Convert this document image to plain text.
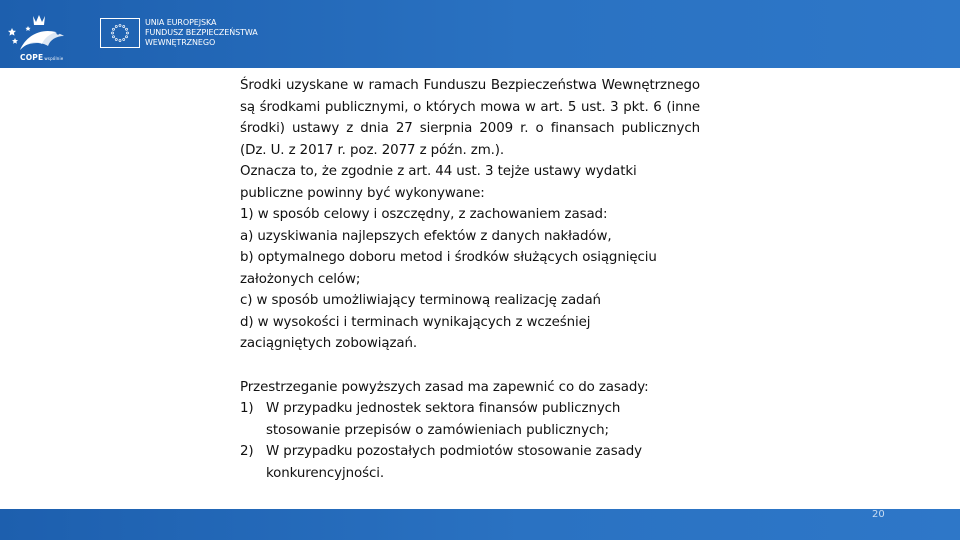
COPEwspólnie
UNIA EUROPEJSKA
FUNDUSZ BEZPIECZEŃSTWA
WEWNĘTRZNEGO

Środki uzyskane w ramach Funduszu Bezpieczeństwa Wewnętrznego są środkami publicznymi, o których mowa w art. 5 ust. 3 pkt. 6 (inne środki) ustawy z dnia 27 sierpnia 2009 r. o finansach publicznych (Dz. U. z 2017 r. poz. 2077 z późn. zm.).

Oznacza to, że zgodnie z art. 44 ust. 3 tejże ustawy wydatki

publiczne powinny być wykonywane:

1) w sposób celowy i oszczędny, z zachowaniem zasad:

a) uzyskiwania najlepszych efektów z danych nakładów,

b) optymalnego doboru metod i środków służących osiągnięciu

założonych celów;

c) w sposób umożliwiający terminową realizację zadań

d) w wysokości i terminach wynikających z wcześniej

zaciągniętych zobowiązań.

Przestrzeganie powyższych zasad ma zapewnić co do zasady:

1) W przypadku jednostek sektora finansów publicznych
stosowanie przepisów o zamówieniach publicznych;
2) W przypadku pozostałych podmiotów stosowanie zasady
konkurencyjności.
20
